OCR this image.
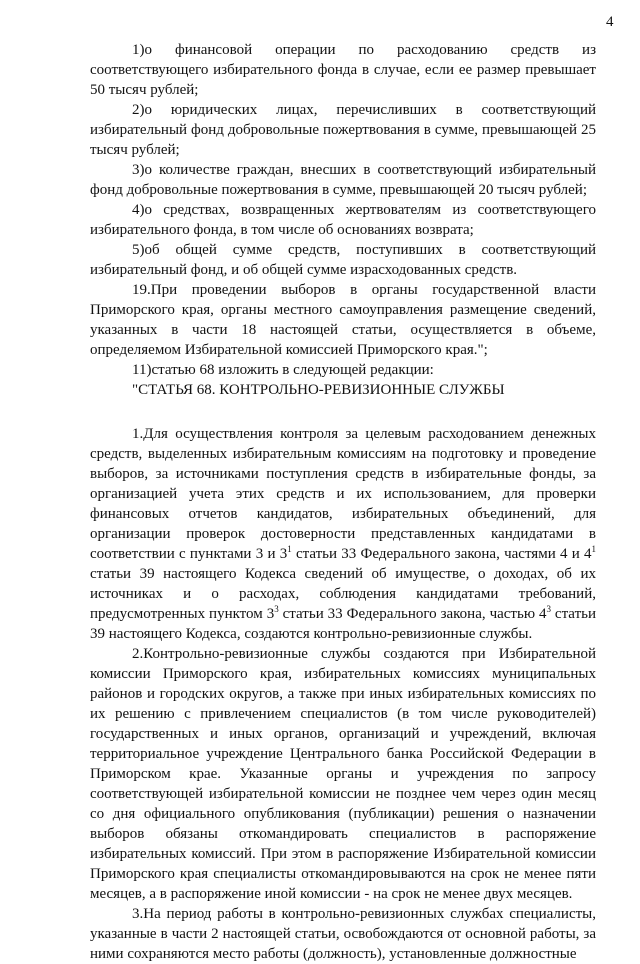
4

1)о финансовой операции по расходованию средств из соответствующего избирательного фонда в случае, если ее размер превышает 50 тысяч рублей;

2)о юридических лицах, перечисливших в соответствующий избирательный фонд добровольные пожертвования в сумме, превышающей 25 тысяч рублей;

3)о количестве граждан, внесших в соответствующий избирательный фонд добровольные пожертвования в сумме, превышающей 20 тысяч рублей;

4)о средствах, возвращенных жертвователям из соответствующего избирательного фонда, в том числе об основаниях возврата;

5)об общей сумме средств, поступивших в соответствующий избирательный фонд, и об общей сумме израсходованных средств.

19.При проведении выборов в органы государственной власти Приморского края, органы местного самоуправления размещение сведений, указанных в части 18 настоящей статьи, осуществляется в объеме, определяемом Избирательной комиссией Приморского края.";

11)статью 68 изложить в следующей редакции:

"СТАТЬЯ 68. КОНТРОЛЬНО-РЕВИЗИОННЫЕ СЛУЖБЫ

1.Для осуществления контроля за целевым расходованием денежных средств, выделенных избирательным комиссиям на подготовку и проведение выборов, за источниками поступления средств в избирательные фонды, за организацией учета этих средств и их использованием, для проверки финансовых отчетов кандидатов, избирательных объединений, для организации проверок достоверности представленных кандидатами в соответствии с пунктами 3 и $3^1$ статьи 33 Федерального закона, частями 4 и $4^1$ статьи 39 настоящего Кодекса сведений об имуществе, о доходах, об их источниках и о расходах, соблюдения кандидатами требований, предусмотренных пунктом $3^3$ статьи 33 Федерального закона, частью $4^3$ статьи 39 настоящего Кодекса, создаются контрольно-ревизионные службы.

2.Контрольно-ревизионные службы создаются при Избирательной комиссии Приморского края, избирательных комиссиях муниципальных районов и городских округов, а также при иных избирательных комиссиях по их решению с привлечением специалистов (в том числе руководителей) государственных и иных органов, организаций и учреждений, включая территориальное учреждение Центрального банка Российской Федерации в Приморском крае. Указанные органы и учреждения по запросу соответствующей избирательной комиссии не позднее чем через один месяц со дня официального опубликования (публикации) решения о назначении выборов обязаны откомандировать специалистов в распоряжение избирательных комиссий. При этом в распоряжение Избирательной комиссии Приморского края специалисты откомандировываются на срок не менее пяти месяцев, а в распоряжение иной комиссии - на срок не менее двух месяцев.

3.На период работы в контрольно-ревизионных службах специалисты, указанные в части 2 настоящей статьи, освобождаются от основной работы, за ними сохраняются место работы (должность), установленные должностные
